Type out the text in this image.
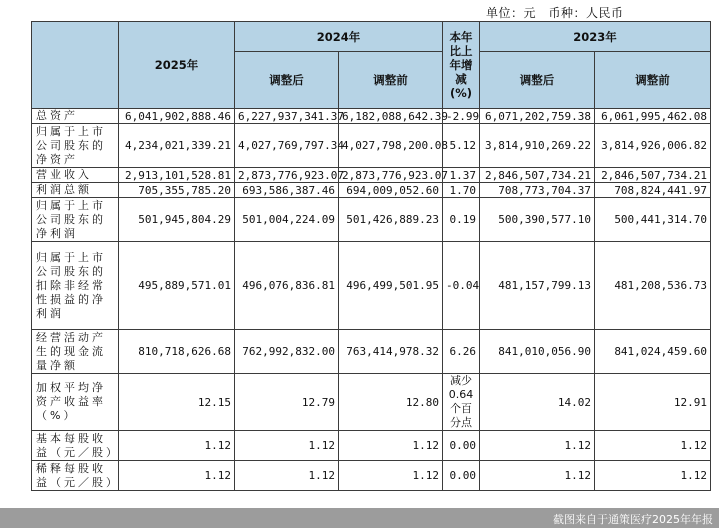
单位：元　币种：人民币
	2025年	2024年		本年比上年增减(%)	2023年	
		调整后	调整前		调整后	调整前
总资产	6,041,902,888.46	6,227,937,341.37	6,182,088,642.39	-2.99	6,071,202,759.38	6,061,995,462.08
归属于上市公司股东的净资产	4,234,021,339.21	4,027,769,797.34	4,027,798,200.08	5.12	3,814,910,269.22	3,814,926,006.82
营业收入	2,913,101,528.81	2,873,776,923.07	2,873,776,923.07	1.37	2,846,507,734.21	2,846,507,734.21
利润总额	705,355,785.20	693,586,387.46	694,009,052.60	1.70	708,773,704.37	708,824,441.97
归属于上市公司股东的净利润	501,945,804.29	501,004,224.09	501,426,889.23	0.19	500,390,577.10	500,441,314.70
归属于上市公司股东的扣除非经常性损益的净利润	495,889,571.01	496,076,836.81	496,499,501.95	-0.04	481,157,799.13	481,208,536.73
经营活动产生的现金流量净额	810,718,626.68	762,992,832.00	763,414,978.32	6.26	841,010,056.90	841,024,459.60
加权平均净资产收益率（%）	12.15	12.79	12.80	减少0.64个百分点	14.02	12.91
基本每股收益（元／股）	1.12	1.12	1.12	0.00	1.12	1.12
稀释每股收益（元／股）	1.12	1.12	1.12	0.00	1.12	1.12
截图来自于通策医疗2025年年报
